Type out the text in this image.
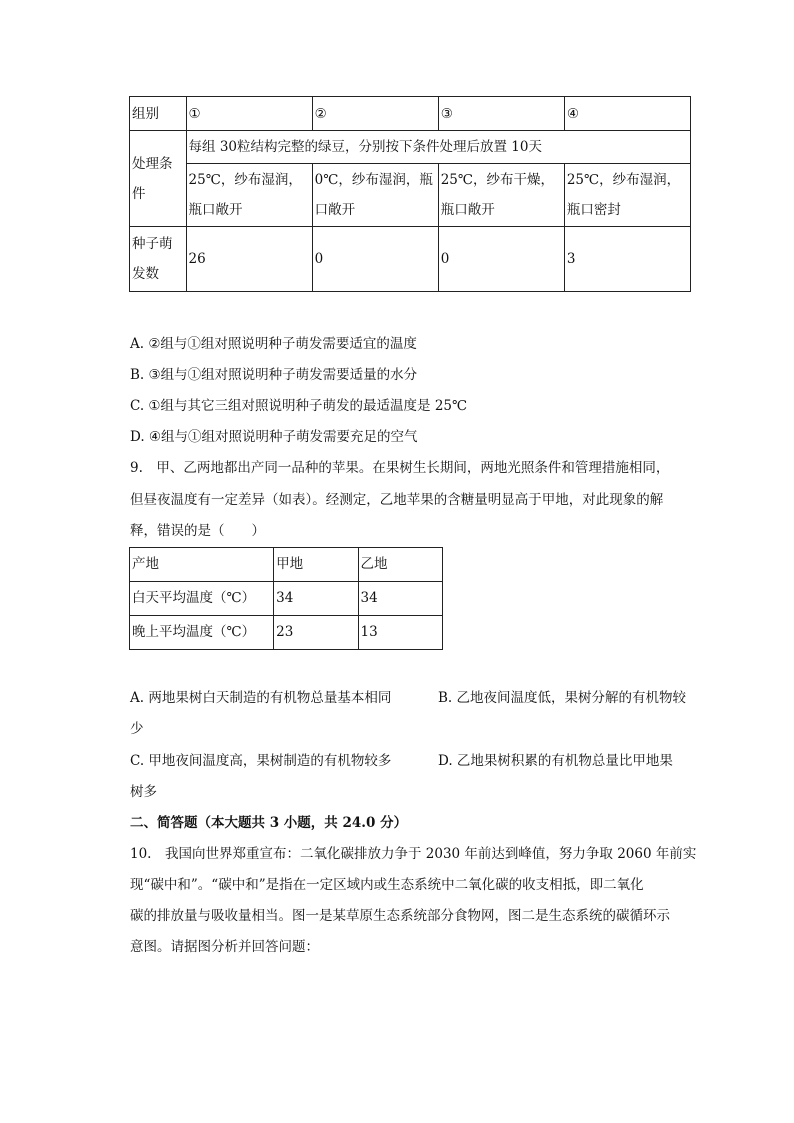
组别	①	②	③	④
处理条件	每组 30粒结构完整的绿豆，分别按下条件处理后放置 10天			
	25℃，纱布湿润，瓶口敞开	0℃，纱布湿润，瓶口敞开	25℃，纱布干燥，瓶口敞开	25℃，纱布湿润，瓶口密封
种子萌发数	26	0	0	3
A. ②组与①组对照说明种子萌发需要适宜的温度
B. ③组与①组对照说明种子萌发需要适量的水分
C. ①组与其它三组对照说明种子萌发的最适温度是 25℃
D. ④组与①组对照说明种子萌发需要充足的空气
9.　甲、乙两地都出产同一品种的苹果。在果树生长期间，两地光照条件和管理措施相同，
但昼夜温度有一定差异（如表）。经测定，乙地苹果的含糖量明显高于甲地，对此现象的解
释，错误的是（　　）
产地	甲地	乙地
白天平均温度（℃）	34	34
晚上平均温度（℃）	23	13
A. 两地果树白天制造的有机物总量基本相同	B. 乙地夜间温度低，果树分解的有机物较
少
C. 甲地夜间温度高，果树制造的有机物较多	D. 乙地果树积累的有机物总量比甲地果
树多
二、简答题（本大题共 3 小题，共 24.0 分）
10.　我国向世界郑重宣布：二氧化碳排放力争于 2030 年前达到峰值，努力争取 2060 年前实
现“碳中和”。“碳中和”是指在一定区域内或生态系统中二氧化碳的收支相抵，即二氧化
碳的排放量与吸收量相当。图一是某草原生态系统部分食物网，图二是生态系统的碳循环示
意图。请据图分析并回答问题：
